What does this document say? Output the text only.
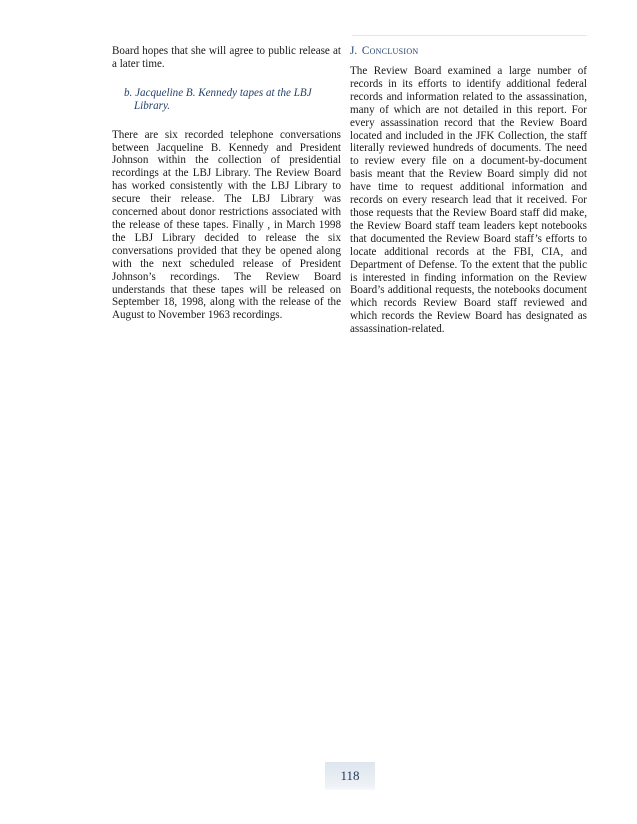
Board hopes that she will agree to public release at a later time.

b. Jacqueline B. Kennedy tapes at the LBJ Library.

There are six recorded telephone conversations between Jacqueline B. Kennedy and President Johnson within the collection of presidential recordings at the LBJ Library. The Review Board has worked consistently with the LBJ Library to secure their release. The LBJ Library was concerned about donor restrictions associated with the release of these tapes. Finally , in March 1998 the LBJ Library decided to release the six conversations provided that they be opened along with the next scheduled release of President Johnson’s recordings. The Review Board understands that these tapes will be released on September 18, 1998, along with the release of the August to November 1963 recordings.

J. Conclusion

The Review Board examined a large number of records in its efforts to identify additional federal records and information related to the assassination, many of which are not detailed in this report. For every assassination record that the Review Board located and included in the JFK Collection, the staff literally reviewed hundreds of documents. The need to review every file on a document-by-document basis meant that the Review Board simply did not have time to request additional information and records on every research lead that it received. For those requests that the Review Board staff did make, the Review Board staff team leaders kept notebooks that documented the Review Board staff’s efforts to locate additional records at the FBI, CIA, and Department of Defense. To the extent that the public is interested in finding information on the Review Board’s additional requests, the notebooks document which records Review Board staff reviewed and which records the Review Board has designated as assassination-related.

118
